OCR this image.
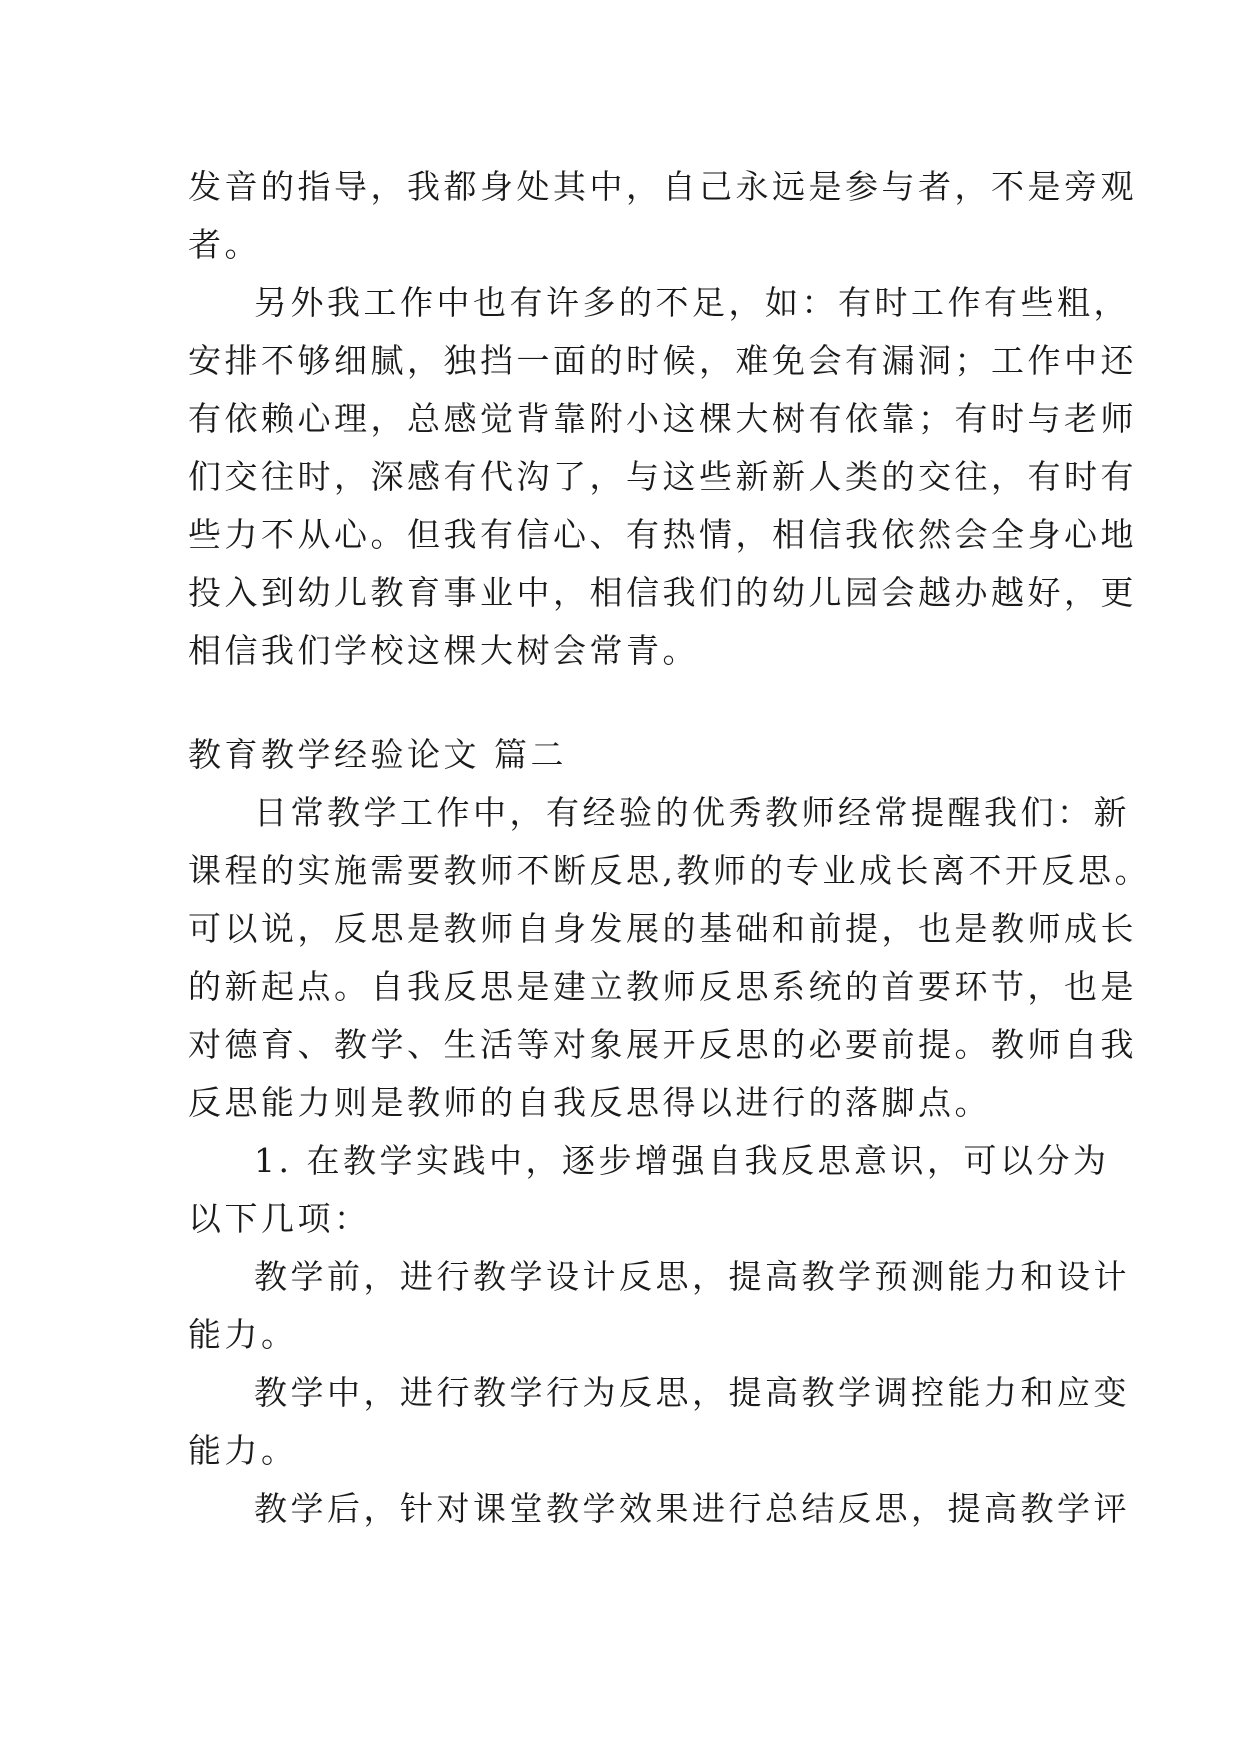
发音的指导，我都身处其中，自己永远是参与者，不是旁观
者。
另外我工作中也有许多的不足，如：有时工作有些粗，
安排不够细腻，独挡一面的时候，难免会有漏洞；工作中还
有依赖心理，总感觉背靠附小这棵大树有依靠；有时与老师
们交往时，深感有代沟了，与这些新新人类的交往，有时有
些力不从心。但我有信心、有热情，相信我依然会全身心地
投入到幼儿教育事业中，相信我们的幼儿园会越办越好，更
相信我们学校这棵大树会常青。
教育教学经验论文 篇二
日常教学工作中，有经验的优秀教师经常提醒我们：新
课程的实施需要教师不断反思,教师的专业成长离不开反思。
可以说，反思是教师自身发展的基础和前提，也是教师成长
的新起点。自我反思是建立教师反思系统的首要环节，也是
对德育、教学、生活等对象展开反思的必要前提。教师自我
反思能力则是教师的自我反思得以进行的落脚点。
1. 在教学实践中，逐步增强自我反思意识，可以分为
以下几项：
教学前，进行教学设计反思，提高教学预测能力和设计
能力。
教学中，进行教学行为反思，提高教学调控能力和应变
能力。
教学后，针对课堂教学效果进行总结反思，提高教学评
